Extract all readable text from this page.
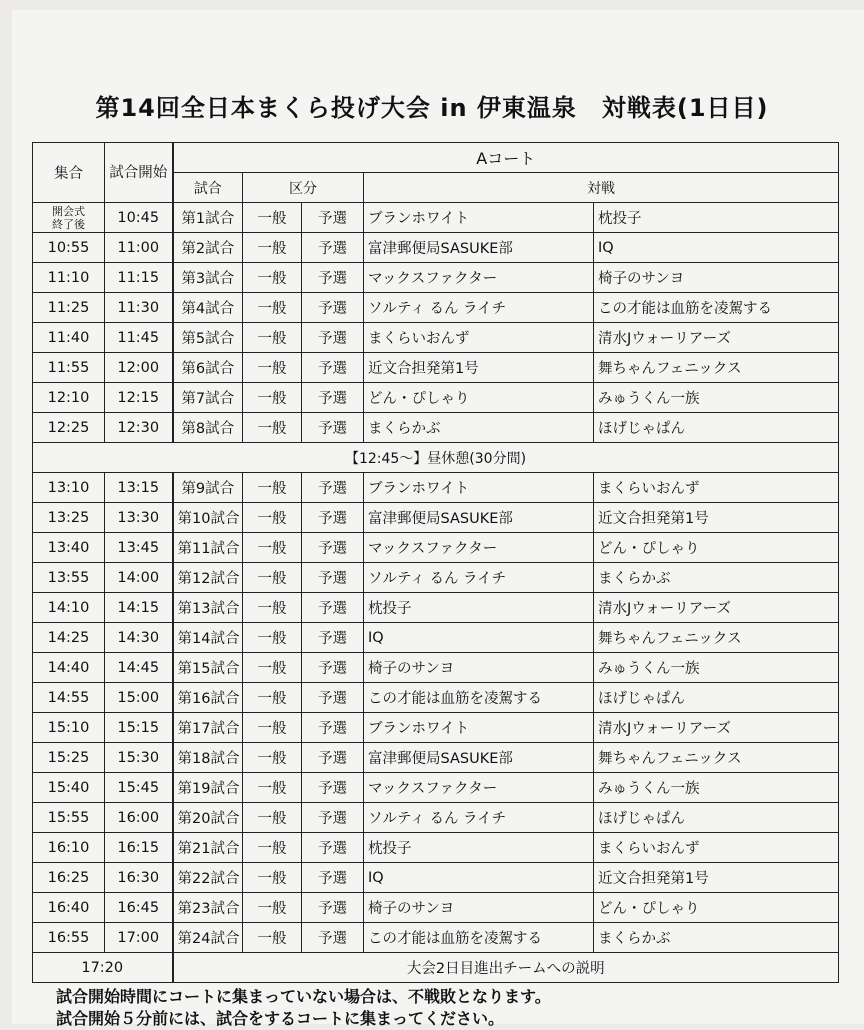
第14回全日本まくら投げ大会 in 伊東温泉　対戦表(1日目)
集合	試合開始	Aコート				
		試合	区分		対戦	
開会式
終了後	10:45	第1試合	一般	予選	ブランホワイト	枕投子
10:55	11:00	第2試合	一般	予選	富津郵便局SASUKE部	IQ
11:10	11:15	第3試合	一般	予選	マックスファクター	椅子のサンヨ
11:25	11:30	第4試合	一般	予選	ソルティ るん ライチ	この才能は血筋を凌駕する
11:40	11:45	第5試合	一般	予選	まくらいおんず	清水Jウォーリアーズ
11:55	12:00	第6試合	一般	予選	近文合担発第1号	舞ちゃんフェニックス
12:10	12:15	第7試合	一般	予選	どん・ぴしゃり	みゅうくん一族
12:25	12:30	第8試合	一般	予選	まくらかぶ	ほげじゃぱん
【12:45～】昼休憩(30分間)						
13:10	13:15	第9試合	一般	予選	ブランホワイト	まくらいおんず
13:25	13:30	第10試合	一般	予選	富津郵便局SASUKE部	近文合担発第1号
13:40	13:45	第11試合	一般	予選	マックスファクター	どん・ぴしゃり
13:55	14:00	第12試合	一般	予選	ソルティ るん ライチ	まくらかぶ
14:10	14:15	第13試合	一般	予選	枕投子	清水Jウォーリアーズ
14:25	14:30	第14試合	一般	予選	IQ	舞ちゃんフェニックス
14:40	14:45	第15試合	一般	予選	椅子のサンヨ	みゅうくん一族
14:55	15:00	第16試合	一般	予選	この才能は血筋を凌駕する	ほげじゃぱん
15:10	15:15	第17試合	一般	予選	ブランホワイト	清水Jウォーリアーズ
15:25	15:30	第18試合	一般	予選	富津郵便局SASUKE部	舞ちゃんフェニックス
15:40	15:45	第19試合	一般	予選	マックスファクター	みゅうくん一族
15:55	16:00	第20試合	一般	予選	ソルティ るん ライチ	ほげじゃぱん
16:10	16:15	第21試合	一般	予選	枕投子	まくらいおんず
16:25	16:30	第22試合	一般	予選	IQ	近文合担発第1号
16:40	16:45	第23試合	一般	予選	椅子のサンヨ	どん・ぴしゃり
16:55	17:00	第24試合	一般	予選	この才能は血筋を凌駕する	まくらかぶ
17:20		大会2日目進出チームへの説明				
試合開始時間にコートに集まっていない場合は、不戦敗となります。
試合開始５分前には、試合をするコートに集まってください。
